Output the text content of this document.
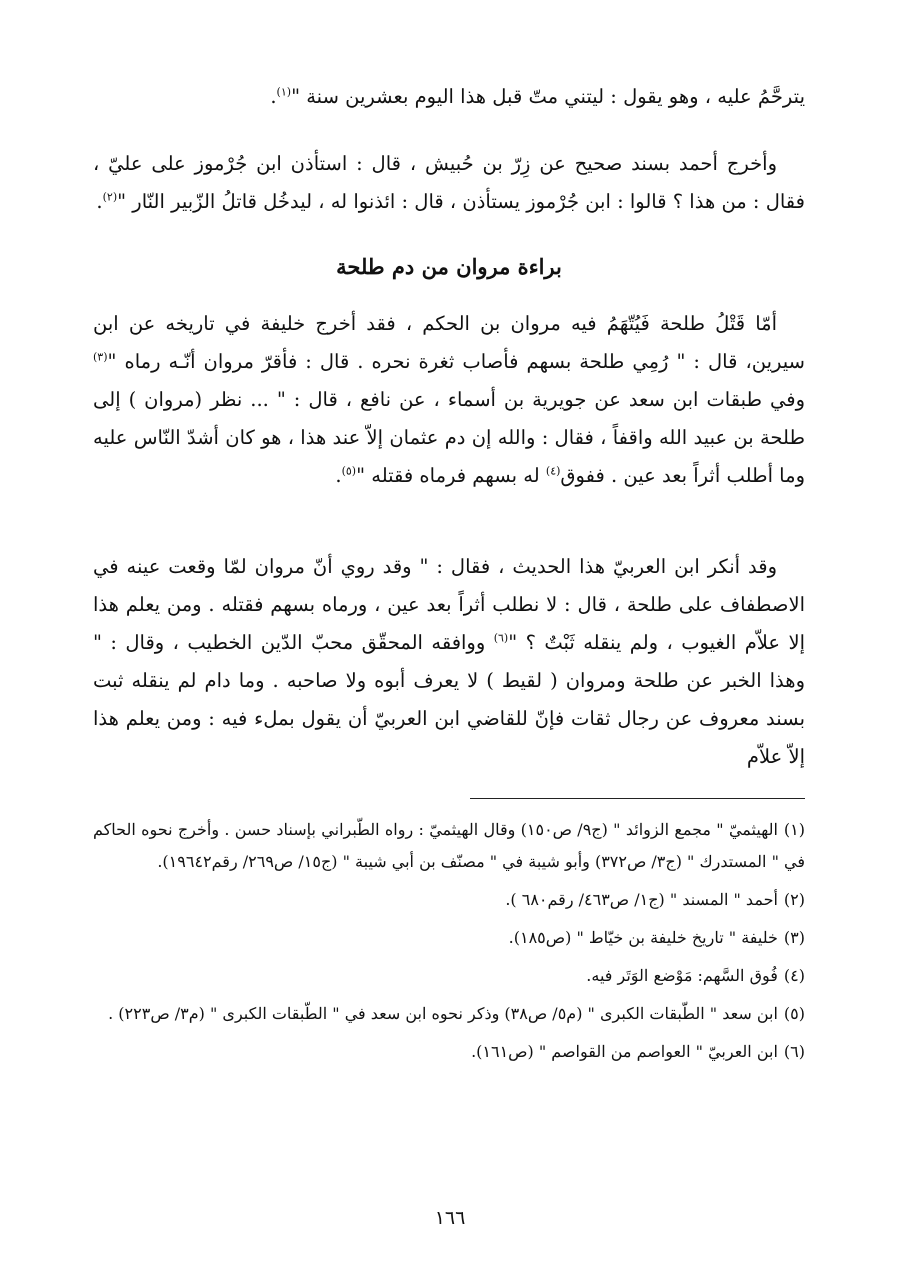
يترحَّمُ عليه ، وهو يقول : ليتني متّ قبل هذا اليوم بعشرين سنة "$^{(١)}$.

وأخرج أحمد بسند صحيح عن زِرّ بن حُبيش ، قال : استأذن ابن جُرْموز على عليّ ، فقال : من هذا ؟ قالوا : ابن جُرْموز يستأذن ، قال : ائذنوا له ، ليدخُل قاتلُ الزّبير النّار "$^{(٢)}$.

براءة مروان من دم طلحة

أمّا قَتْلُ طلحة فَيُتّهَمُ فيه مروان بن الحكم ، فقد أخرج خليفة في تاريخه عن ابن سيرين، قال : " رُمِي طلحة بسهم فأصاب ثغرة نحره . قال : فأقرّ مروان أنّـه رماه "$^{(٣)}$ وفي طبقات ابن سعد عن جويرية بن أسماء ، عن نافع ، قال : " ... نظر (مروان ) إلى طلحة بن عبيد الله واقفاً ، فقال : والله إن دم عثمان إلاّ عند هذا ، هو كان أشدّ النّاس عليه وما أطلب أثراً بعد عين . ففوق$^{(٤)}$ له بسهم فرماه فقتله "$^{(٥)}$.

وقد أنكر ابن العربيّ هذا الحديث ، فقال : " وقد روي أنّ مروان لمّا وقعت عينه في الاصطفاف على طلحة ، قال : لا نطلب أثراً بعد عين ، ورماه بسهم فقتله . ومن يعلم هذا إلا علاّم الغيوب ، ولم ينقله ثَبْتٌ ؟ "$^{(٦)}$ ووافقه المحقّق محبّ الدّين الخطيب ، وقال : " وهذا الخبر عن طلحة ومروان ( لقيط ) لا يعرف أبوه ولا صاحبه . وما دام لم ينقله ثبت بسند معروف عن رجال ثقات فإنّ للقاضي ابن العربيّ أن يقول بملء فيه : ومن يعلم هذا إلاّ علاّم

(١)الهيثميّ " مجمع الزوائد " (ج٩/ ص١٥٠) وقال الهيثميّ : رواه الطّبراني بإسناد حسن . وأخرج نحوه الحاكم في " المستدرك " (ج٣/ ص٣٧٢) وأبو شيبة في " مصنّف بن أبي شيبة " (ج١٥/ ص٢٦٩/ رقم١٩٦٤٢).
(٢)أحمد " المسند " (ج١/ ص٤٦٣/ رقم٦٨٠ ).
(٣)خليفة " تاريخ خليفة بن خيّاط " (ص١٨٥).
(٤)فُوق السَّهم: مَوْضع الوَتَر فيه.
(٥)ابن سعد " الطّبقات الكبرى " (م٥/ ص٣٨) وذكر نحوه ابن سعد في " الطّبقات الكبرى " (م٣/ ص٢٢٣) .
(٦)ابن العربيّ " العواصم من القواصم " (ص١٦١).
١٦٦
